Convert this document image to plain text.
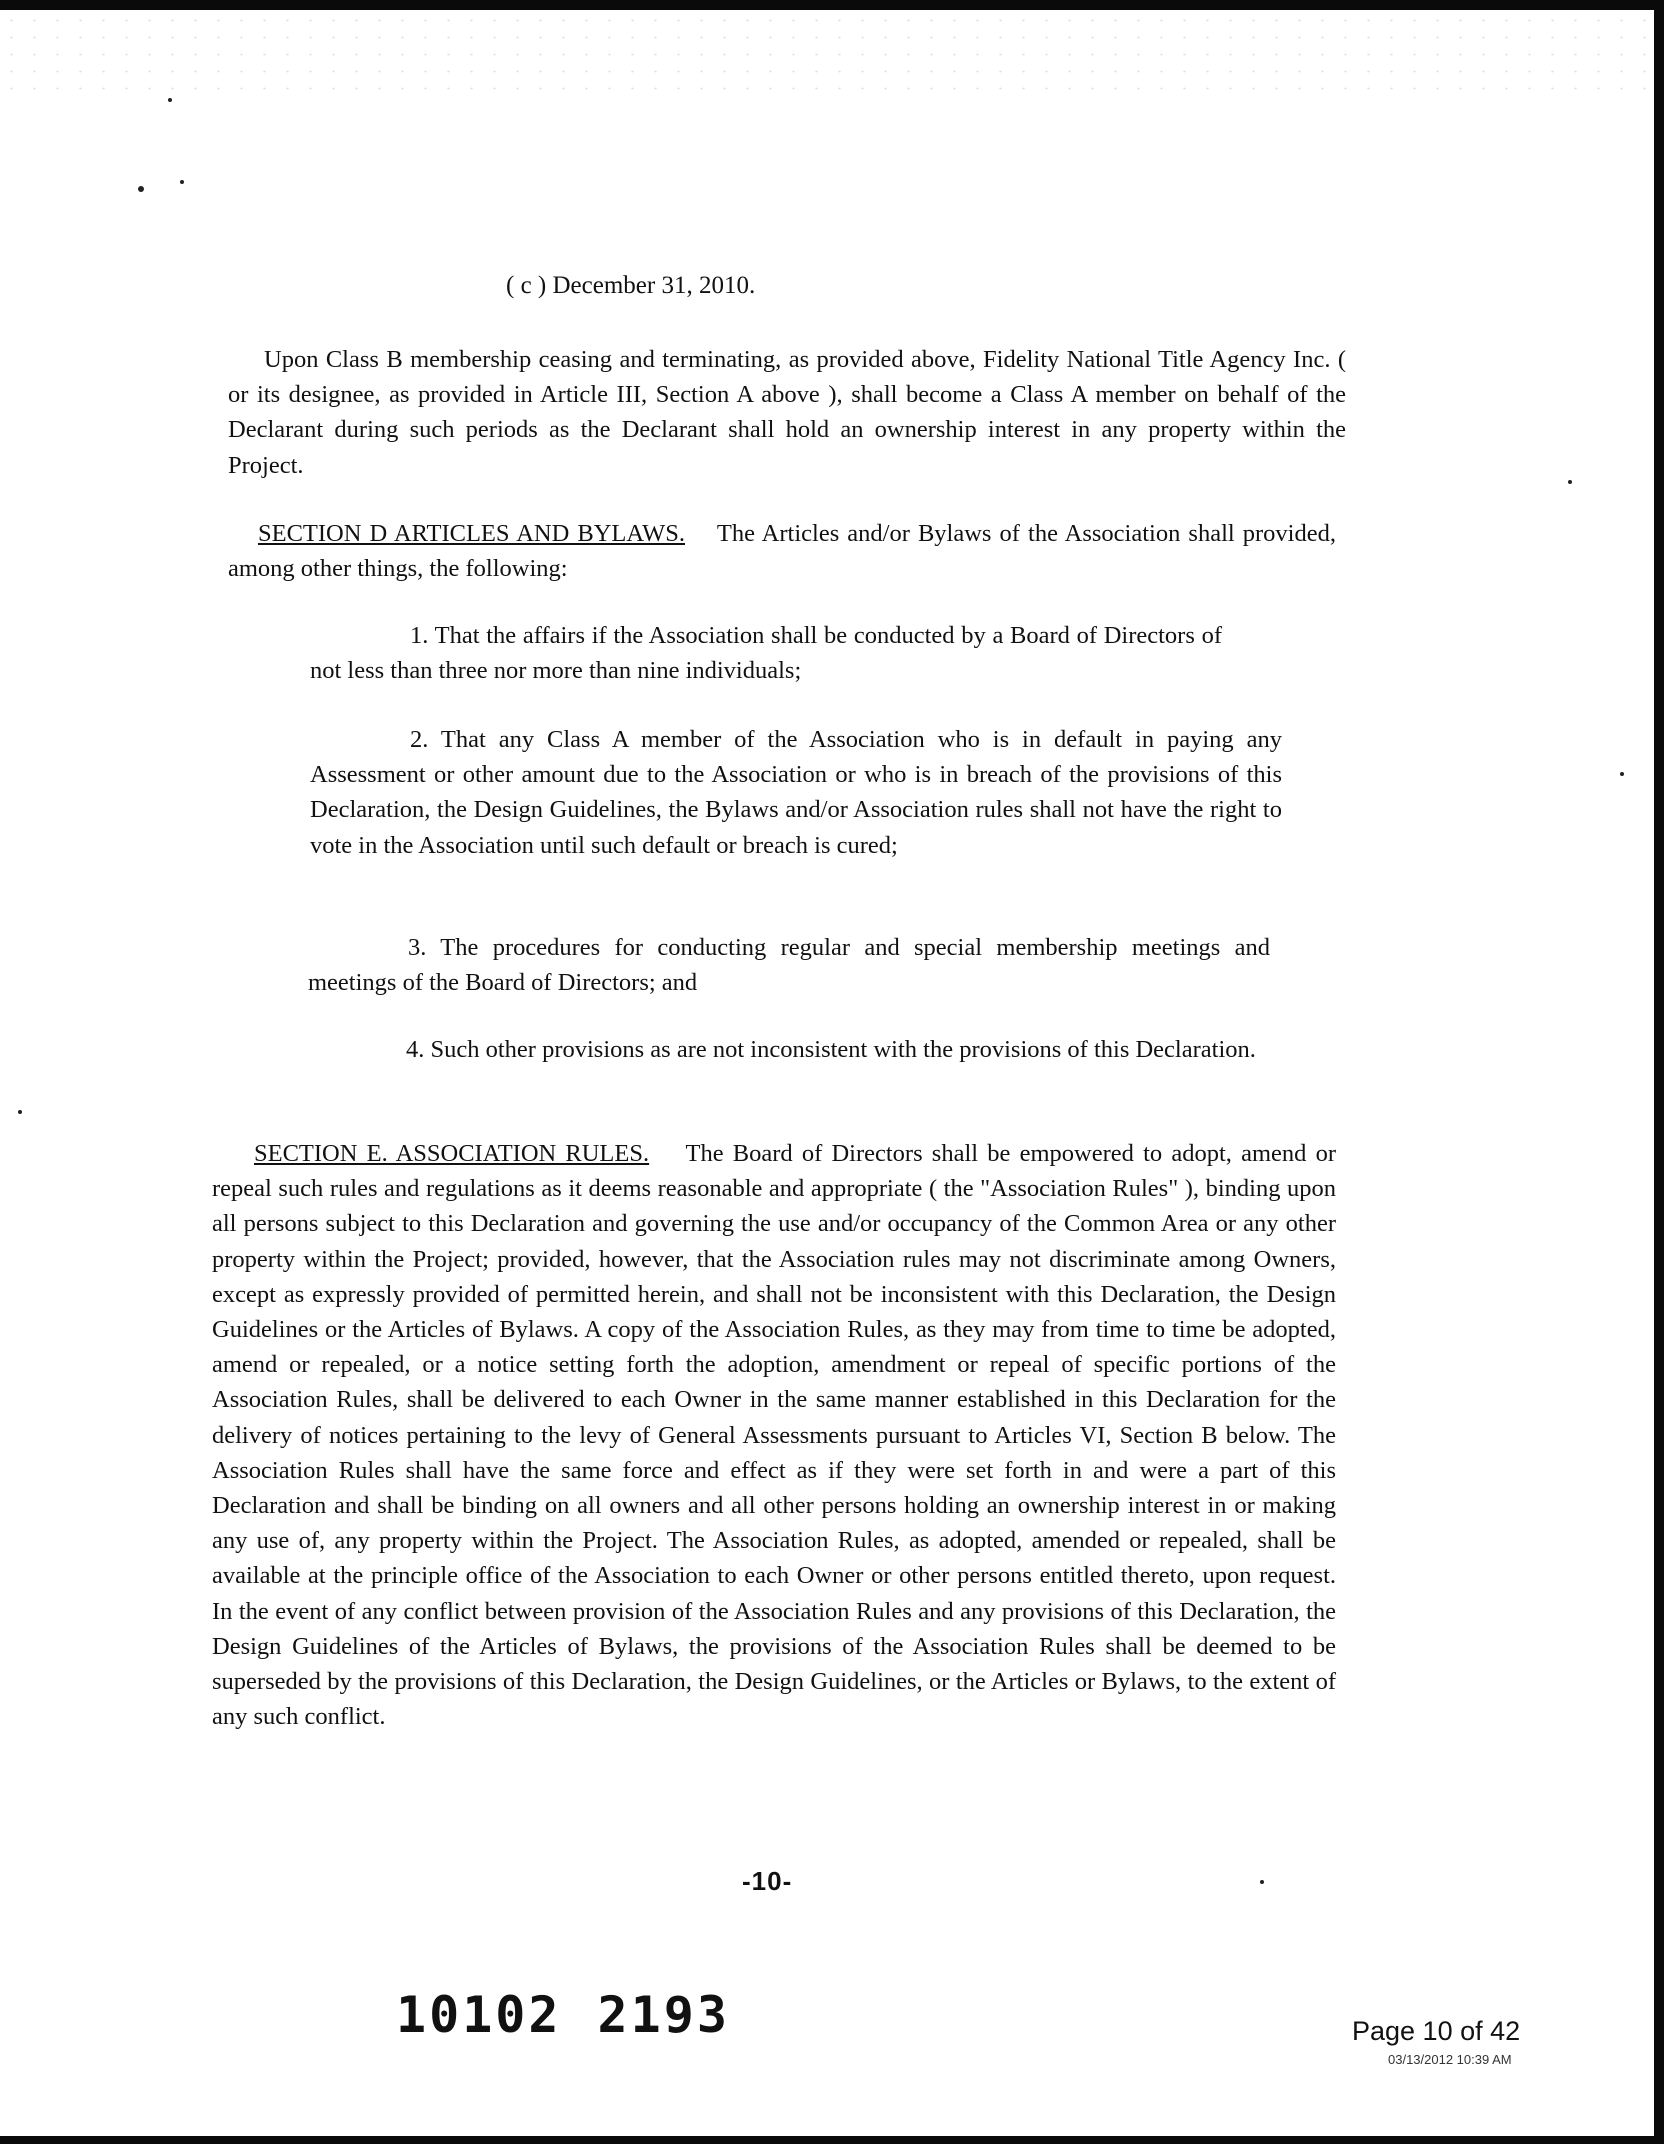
( c ) December 31, 2010.
Upon Class B membership ceasing and terminating, as provided above, Fidelity National Title Agency Inc. ( or its designee, as provided in Article III, Section A above ), shall become a Class A member on behalf of the Declarant during such periods as the Declarant shall hold an ownership interest in any property within the Project.
SECTION D ARTICLES AND BYLAWS. The Articles and/or Bylaws of the Association shall provided, among other things, the following:
1. That the affairs if the Association shall be conducted by a Board of Directors of not less than three nor more than nine individuals;
2. That any Class A member of the Association who is in default in paying any Assessment or other amount due to the Association or who is in breach of the provisions of this Declaration, the Design Guidelines, the Bylaws and/or Association rules shall not have the right to vote in the Association until such default or breach is cured;
3. The procedures for conducting regular and special membership meetings and meetings of the Board of Directors; and
4. Such other provisions as are not inconsistent with the provisions of this Declaration.
SECTION E. ASSOCIATION RULES. The Board of Directors shall be empowered to adopt, amend or repeal such rules and regulations as it deems reasonable and appropriate ( the "Association Rules" ), binding upon all persons subject to this Declaration and governing the use and/or occupancy of the Common Area or any other property within the Project; provided, however, that the Association rules may not discriminate among Owners, except as expressly provided of permitted herein, and shall not be inconsistent with this Declaration, the Design Guidelines or the Articles of Bylaws. A copy of the Association Rules, as they may from time to time be adopted, amend or repealed, or a notice setting forth the adoption, amendment or repeal of specific portions of the Association Rules, shall be delivered to each Owner in the same manner established in this Declaration for the delivery of notices pertaining to the levy of General Assessments pursuant to Articles VI, Section B below. The Association Rules shall have the same force and effect as if they were set forth in and were a part of this Declaration and shall be binding on all owners and all other persons holding an ownership interest in or making any use of, any property within the Project. The Association Rules, as adopted, amended or repealed, shall be available at the principle office of the Association to each Owner or other persons entitled thereto, upon request. In the event of any conflict between provision of the Association Rules and any provisions of this Declaration, the Design Guidelines of the Articles of Bylaws, the provisions of the Association Rules shall be deemed to be superseded by the provisions of this Declaration, the Design Guidelines, or the Articles or Bylaws, to the extent of any such conflict.
-10-
10102 2193	Page 10 of 42
03/13/2012 10:39 AM
